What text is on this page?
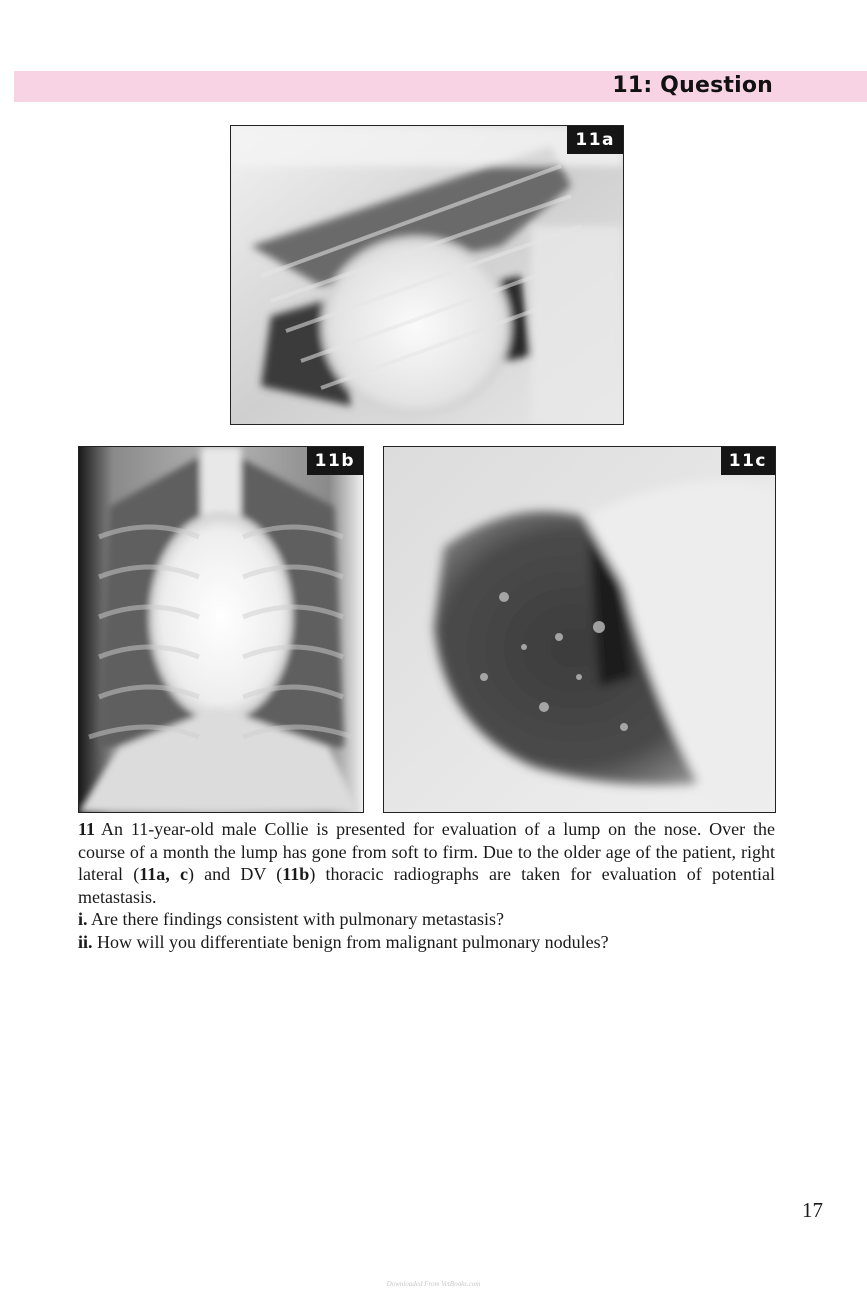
11: Question
11a
11b	11c

11 An 11-year-old male Collie is presented for evaluation of a lump on the nose. Over the course of a month the lump has gone from soft to firm. Due to the older age of the patient, right lateral (11a, c) and DV (11b) thoracic radiographs are taken for evaluation of potential metastasis.

i. Are there findings consistent with pulmonary metastasis?

ii. How will you differentiate benign from malignant pulmonary nodules?

17
Downloaded From VetBooks.com
